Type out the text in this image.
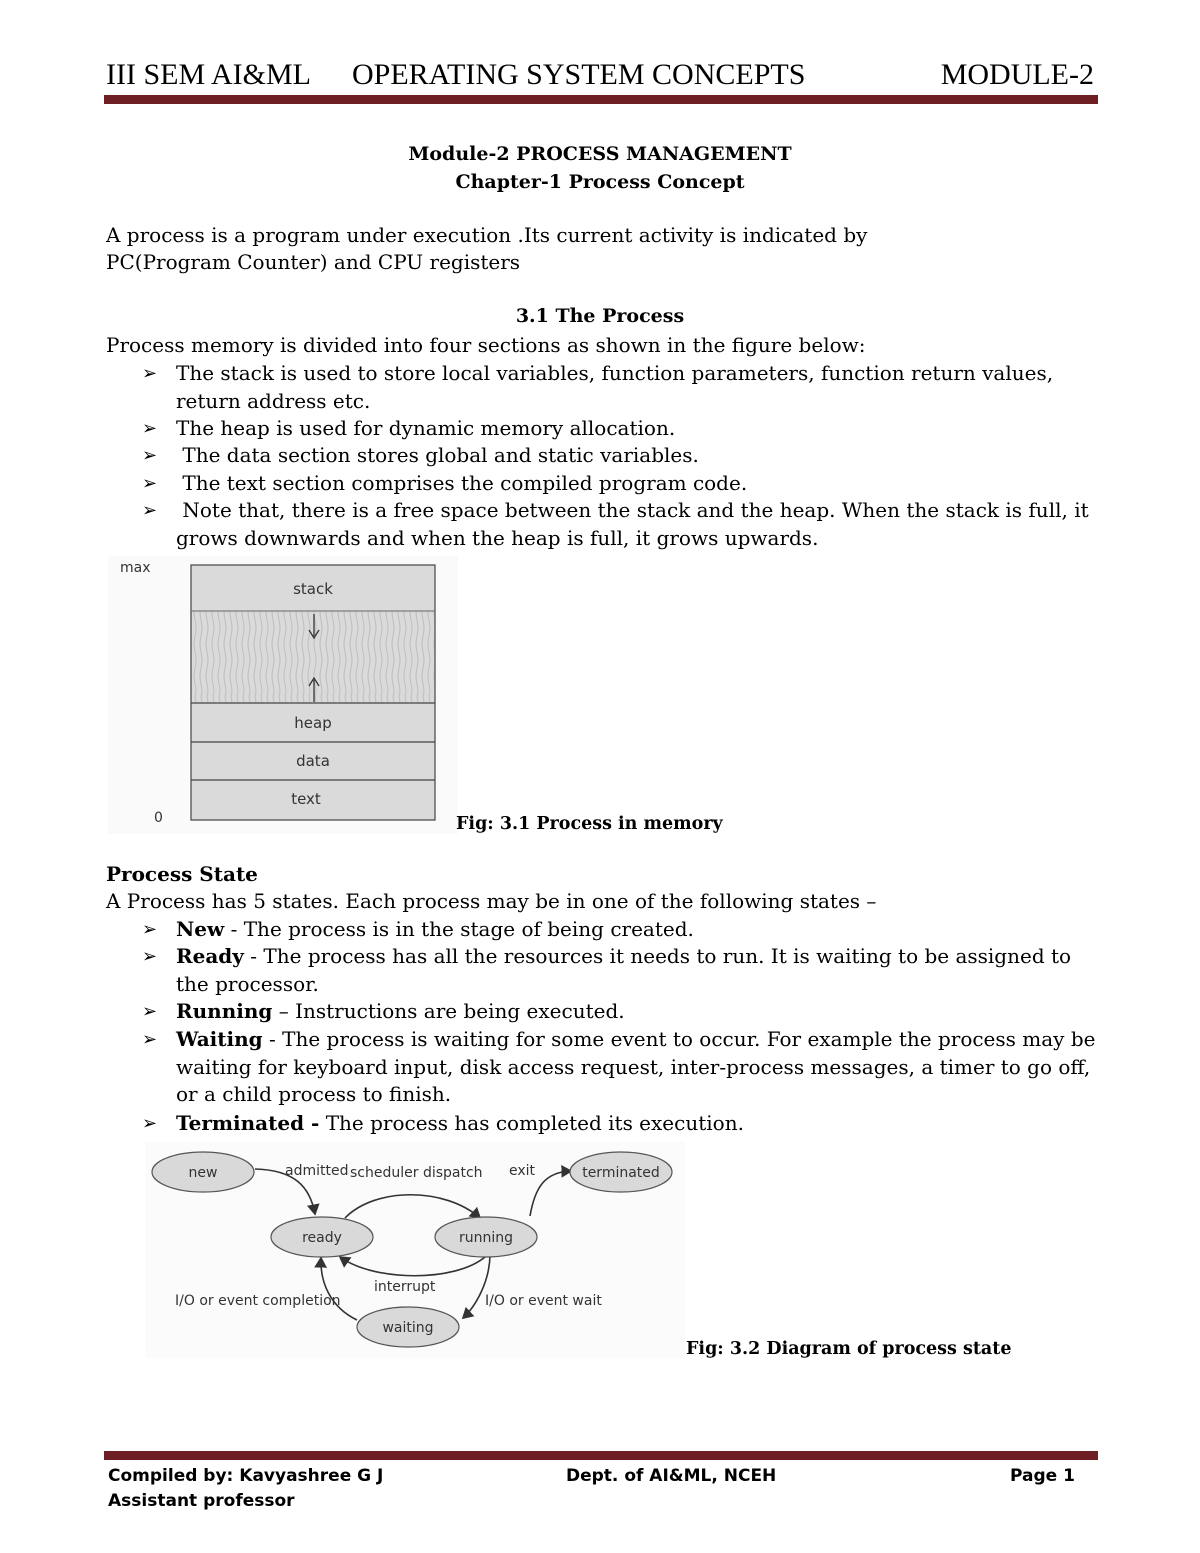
III SEM AI&ML OPERATING SYSTEM CONCEPTS	MODULE-2
Module-2 PROCESS MANAGEMENT
Chapter-1 Process Concept
A process is a program under execution .Its current activity is indicated by
PC(Program Counter) and CPU registers
3.1 The Process
Process memory is divided into four sections as shown in the figure below:
➢ The stack is used to store local variables, function parameters, function return values, return address etc.
➢ The heap is used for dynamic memory allocation.
➢ The data section stores global and static variables.
➢ The text section comprises the compiled program code.
➢ Note that, there is a free space between the stack and the heap. When the stack is full, it grows downwards and when the heap is full, it grows upwards.
max
0
stack
heap
data
text
Fig: 3.1 Process in memory
Process State
A Process has 5 states. Each process may be in one of the following states –
➢ New - The process is in the stage of being created.
➢ Ready - The process has all the resources it needs to run. It is waiting to be assigned to the processor.
➢ Running – Instructions are being executed.
➢ Waiting - The process is waiting for some event to occur. For example the process may be waiting for keyboard input, disk access request, inter-process messages, a timer to go off, or a child process to finish.
➢ Terminated - The process has completed its execution.
new
ready	running
waiting
terminated
admitted scheduler dispatch exit
interrupt
I/O or event completion	I/O or event wait
Fig: 3.2 Diagram of process state
Compiled by: Kavyashree G J
Assistant professor
Dept. of AI&ML, NCEH	Page 1
